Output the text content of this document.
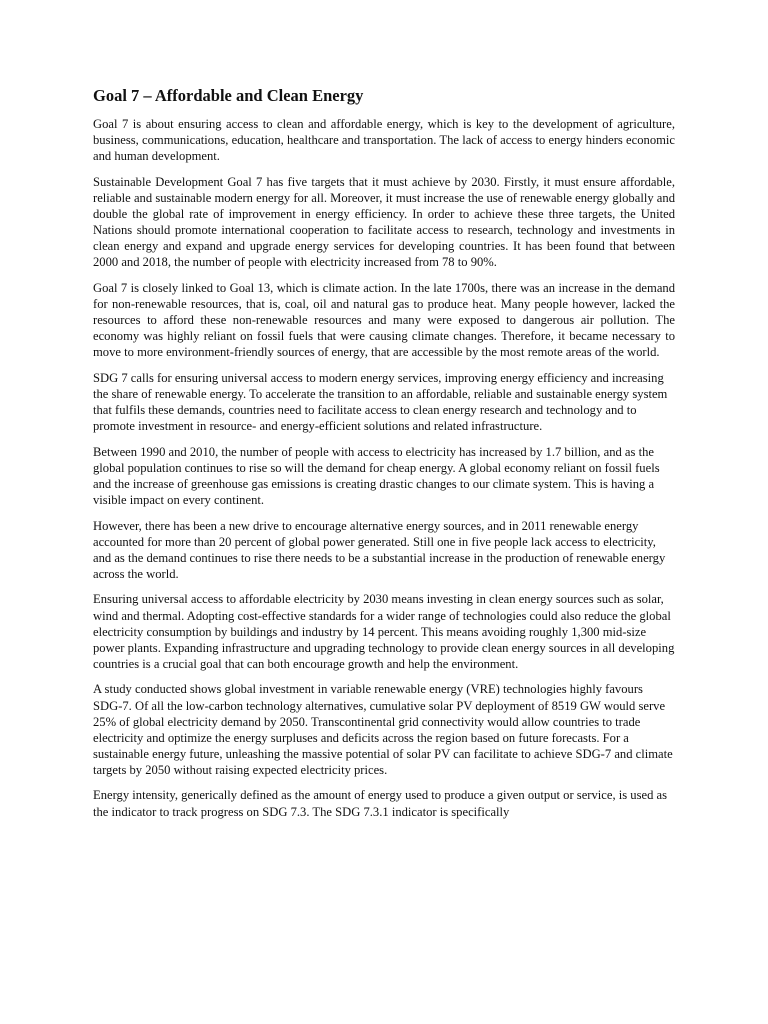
Goal 7 – Affordable and Clean Energy

Goal 7 is about ensuring access to clean and affordable energy, which is key to the development of agriculture, business, communications, education, healthcare and transportation. The lack of access to energy hinders economic and human development.

Sustainable Development Goal 7 has five targets that it must achieve by 2030. Firstly, it must ensure affordable, reliable and sustainable modern energy for all. Moreover, it must increase the use of renewable energy globally and double the global rate of improvement in energy efficiency. In order to achieve these three targets, the United Nations should promote international cooperation to facilitate access to research, technology and investments in clean energy and expand and upgrade energy services for developing countries. It has been found that between 2000 and 2018, the number of people with electricity increased from 78 to 90%.

Goal 7 is closely linked to Goal 13, which is climate action. In the late 1700s, there was an increase in the demand for non-renewable resources, that is, coal, oil and natural gas to produce heat. Many people however, lacked the resources to afford these non-renewable resources and many were exposed to dangerous air pollution. The economy was highly reliant on fossil fuels that were causing climate changes. Therefore, it became necessary to move to more environment-friendly sources of energy, that are accessible by the most remote areas of the world.

SDG 7 calls for ensuring universal access to modern energy services, improving energy efficiency and increasing the share of renewable energy. To accelerate the transition to an affordable, reliable and sustainable energy system that fulfils these demands, countries need to facilitate access to clean energy research and technology and to promote investment in resource- and energy-efficient solutions and related infrastructure.

Between 1990 and 2010, the number of people with access to electricity has increased by 1.7 billion, and as the global population continues to rise so will the demand for cheap energy. A global economy reliant on fossil fuels and the increase of greenhouse gas emissions is creating drastic changes to our climate system. This is having a visible impact on every continent.

However, there has been a new drive to encourage alternative energy sources, and in 2011 renewable energy accounted for more than 20 percent of global power generated. Still one in five people lack access to electricity, and as the demand continues to rise there needs to be a substantial increase in the production of renewable energy across the world.

Ensuring universal access to affordable electricity by 2030 means investing in clean energy sources such as solar, wind and thermal. Adopting cost-effective standards for a wider range of technologies could also reduce the global electricity consumption by buildings and industry by 14 percent. This means avoiding roughly 1,300 mid-size power plants. Expanding infrastructure and upgrading technology to provide clean energy sources in all developing countries is a crucial goal that can both encourage growth and help the environment.

A study conducted shows global investment in variable renewable energy (VRE) technologies highly favours SDG-7. Of all the low-carbon technology alternatives, cumulative solar PV deployment of 8519 GW would serve 25% of global electricity demand by 2050. Transcontinental grid connectivity would allow countries to trade electricity and optimize the energy surpluses and deficits across the region based on future forecasts. For a sustainable energy future, unleashing the massive potential of solar PV can facilitate to achieve SDG-7 and climate targets by 2050 without raising expected electricity prices.

Energy intensity, generically defined as the amount of energy used to produce a given output or service, is used as the indicator to track progress on SDG 7.3. The SDG 7.3.1 indicator is specifically
